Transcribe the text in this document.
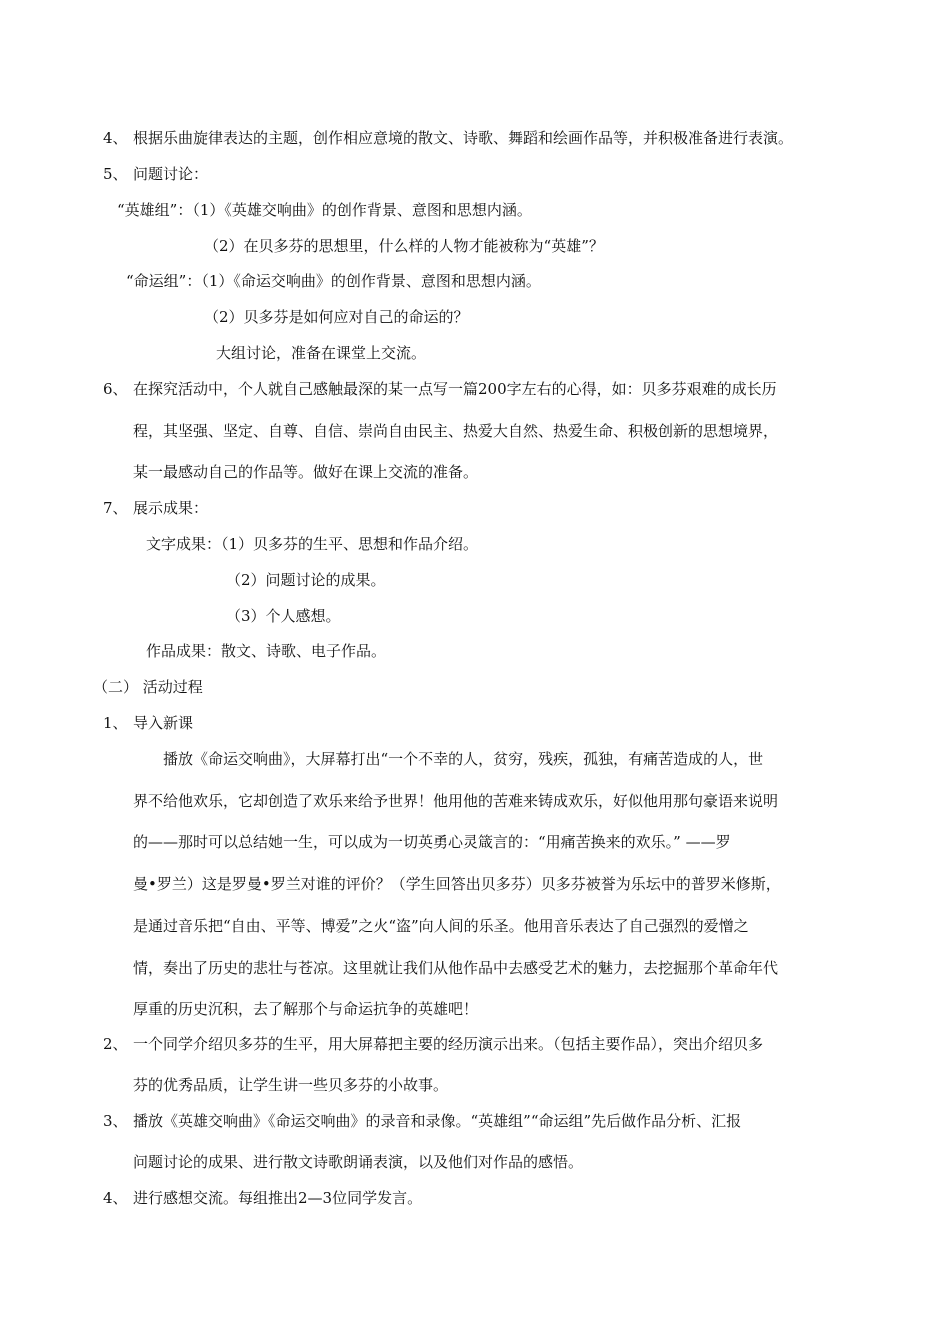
4、 根据乐曲旋律表达的主题，创作相应意境的散文、诗歌、舞蹈和绘画作品等，并积极准备进行表演。
5、 问题讨论：
“英雄组”：（1）《英雄交响曲》的创作背景、意图和思想内涵。
（2）在贝多芬的思想里，什么样的人物才能被称为“英雄”？
“命运组”：（1）《命运交响曲》的创作背景、意图和思想内涵。
（2）贝多芬是如何应对自己的命运的？
大组讨论，准备在课堂上交流。
6、 在探究活动中，个人就自己感触最深的某一点写一篇200字左右的心得，如：贝多芬艰难的成长历
程，其坚强、坚定、自尊、自信、崇尚自由民主、热爱大自然、热爱生命、积极创新的思想境界，
某一最感动自己的作品等。做好在课上交流的准备。
7、 展示成果：
文字成果：（1）贝多芬的生平、思想和作品介绍。
（2）问题讨论的成果。
（3）个人感想。
作品成果：散文、诗歌、电子作品。
（二） 活动过程
1、 导入新课
播放《命运交响曲》，大屏幕打出“一个不幸的人，贫穷，残疾，孤独，有痛苦造成的人，世
界不给他欢乐，它却创造了欢乐来给予世界！他用他的苦难来铸成欢乐，好似他用那句豪语来说明
的——那时可以总结她一生，可以成为一切英勇心灵箴言的：“用痛苦换来的欢乐。” ——罗
曼•罗兰）这是罗曼•罗兰对谁的评价？（学生回答出贝多芬）贝多芬被誉为乐坛中的普罗米修斯，
是通过音乐把“自由、平等、博爱”之火“盗”向人间的乐圣。他用音乐表达了自己强烈的爱憎之
情，奏出了历史的悲壮与苍凉。这里就让我们从他作品中去感受艺术的魅力，去挖掘那个革命年代
厚重的历史沉积，去了解那个与命运抗争的英雄吧！
2、 一个同学介绍贝多芬的生平，用大屏幕把主要的经历演示出来。（包括主要作品），突出介绍贝多
芬的优秀品质，让学生讲一些贝多芬的小故事。
3、 播放《英雄交响曲》《命运交响曲》的录音和录像。“英雄组”“命运组”先后做作品分析、汇报
问题讨论的成果、进行散文诗歌朗诵表演，以及他们对作品的感悟。
4、 进行感想交流。每组推出2—3位同学发言。
